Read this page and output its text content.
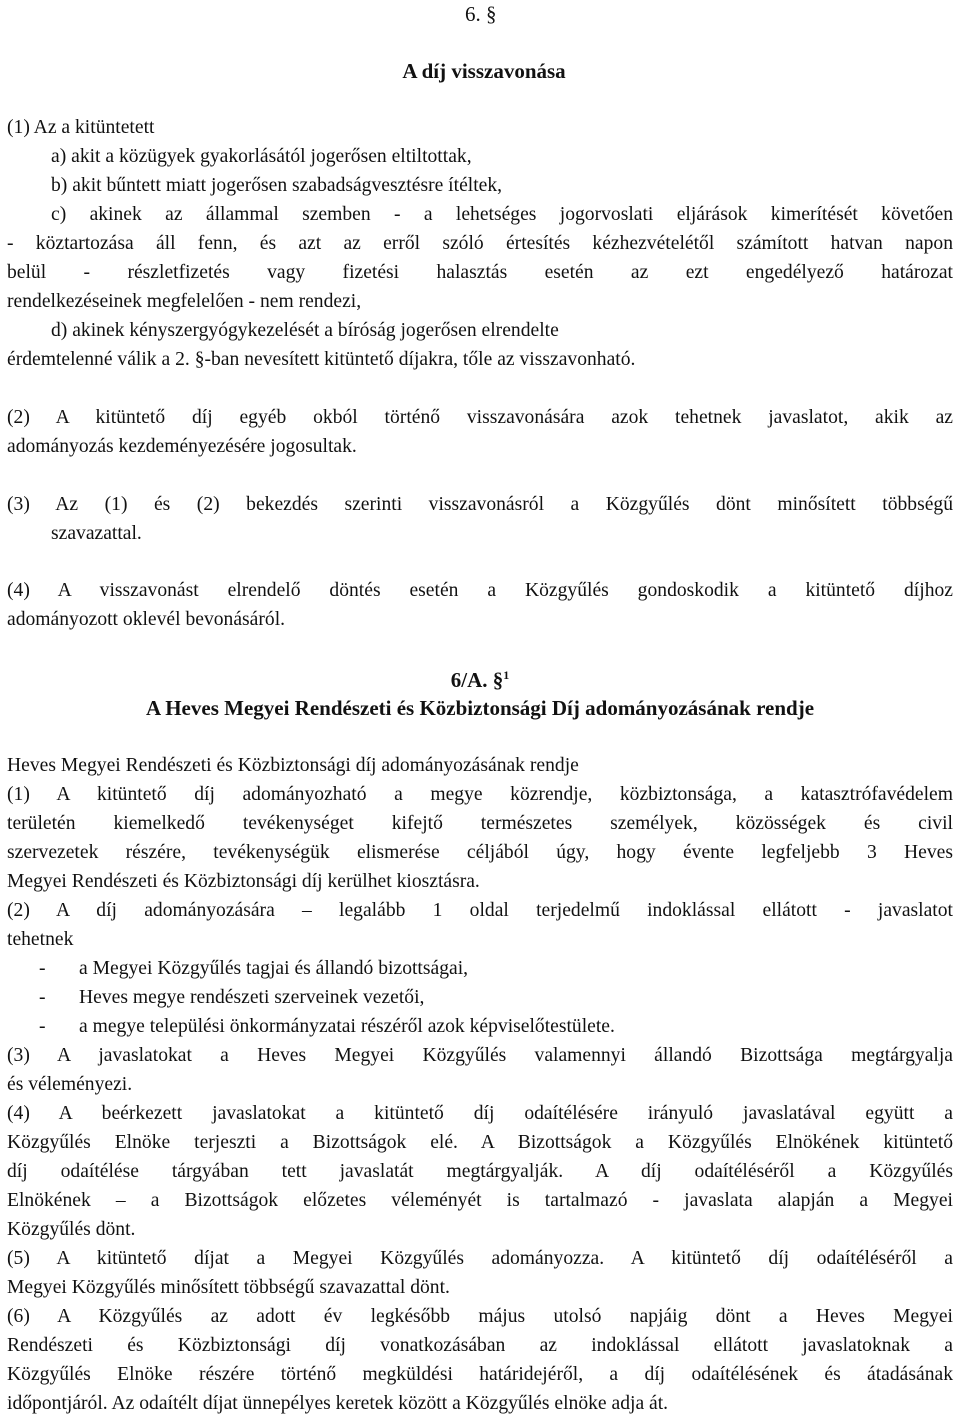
6. §
A díj visszavonása
(1) Az a kitüntetett
a) akit a közügyek gyakorlásától jogerősen eltiltottak,
b) akit bűntett miatt jogerősen szabadságvesztésre ítéltek,
c) akinek az állammal szemben - a lehetséges jogorvoslati eljárások kimerítését követően
- köztartozása áll fenn, és azt az erről szóló értesítés kézhezvételétől számított hatvan napon
belül - részletfizetés vagy fizetési halasztás esetén az ezt engedélyező határozat
rendelkezéseinek megfelelően - nem rendezi,
d) akinek kényszergyógykezelését a bíróság jogerősen elrendelte
érdemtelenné válik a 2. §-ban nevesített kitüntető díjakra, tőle az visszavonható.
(2) A kitüntető díj egyéb okból történő visszavonására azok tehetnek javaslatot, akik az
adományozás kezdeményezésére jogosultak.
(3) Az (1) és (2) bekezdés szerinti visszavonásról a Közgyűlés dönt minősített többségű
szavazattal.
(4) A visszavonást elrendelő döntés esetén a Közgyűlés gondoskodik a kitüntető díjhoz
adományozott oklevél bevonásáról.
6/A. §$^1$
A Heves Megyei Rendészeti és Közbiztonsági Díj adományozásának rendje
Heves Megyei Rendészeti és Közbiztonsági díj adományozásának rendje
(1) A kitüntető díj adományozható a megye közrendje, közbiztonsága, a katasztrófavédelem
területén kiemelkedő tevékenységet kifejtő természetes személyek, közösségek és civil
szervezetek részére, tevékenységük elismerése céljából úgy, hogy évente legfeljebb 3 Heves
Megyei Rendészeti és Közbiztonsági díj kerülhet kiosztásra.
(2) A díj adományozására – legalább 1 oldal terjedelmű indoklással ellátott - javaslatot
tehetnek
- a Megyei Közgyűlés tagjai és állandó bizottságai,
- Heves megye rendészeti szerveinek vezetői,
- a megye települési önkormányzatai részéről azok képviselőtestülete.
(3) A javaslatokat a Heves Megyei Közgyűlés valamennyi állandó Bizottsága megtárgyalja
és véleményezi.
(4) A beérkezett javaslatokat a kitüntető díj odaítélésére irányuló javaslatával együtt a
Közgyűlés Elnöke terjeszti a Bizottságok elé. A Bizottságok a Közgyűlés Elnökének kitüntető
díj odaítélése tárgyában tett javaslatát megtárgyalják. A díj odaítéléséről a Közgyűlés
Elnökének – a Bizottságok előzetes véleményét is tartalmazó - javaslata alapján a Megyei
Közgyűlés dönt.
(5) A kitüntető díjat a Megyei Közgyűlés adományozza. A kitüntető díj odaítéléséről a
Megyei Közgyűlés minősített többségű szavazattal dönt.
(6) A Közgyűlés az adott év legkésőbb május utolsó napjáig dönt a Heves Megyei
Rendészeti és Közbiztonsági díj vonatkozásában az indoklással ellátott javaslatoknak a
Közgyűlés Elnöke részére történő megküldési határidejéről, a díj odaítélésének és átadásának
időpontjáról. Az odaítélt díjat ünnepélyes keretek között a Közgyűlés elnöke adja át.
